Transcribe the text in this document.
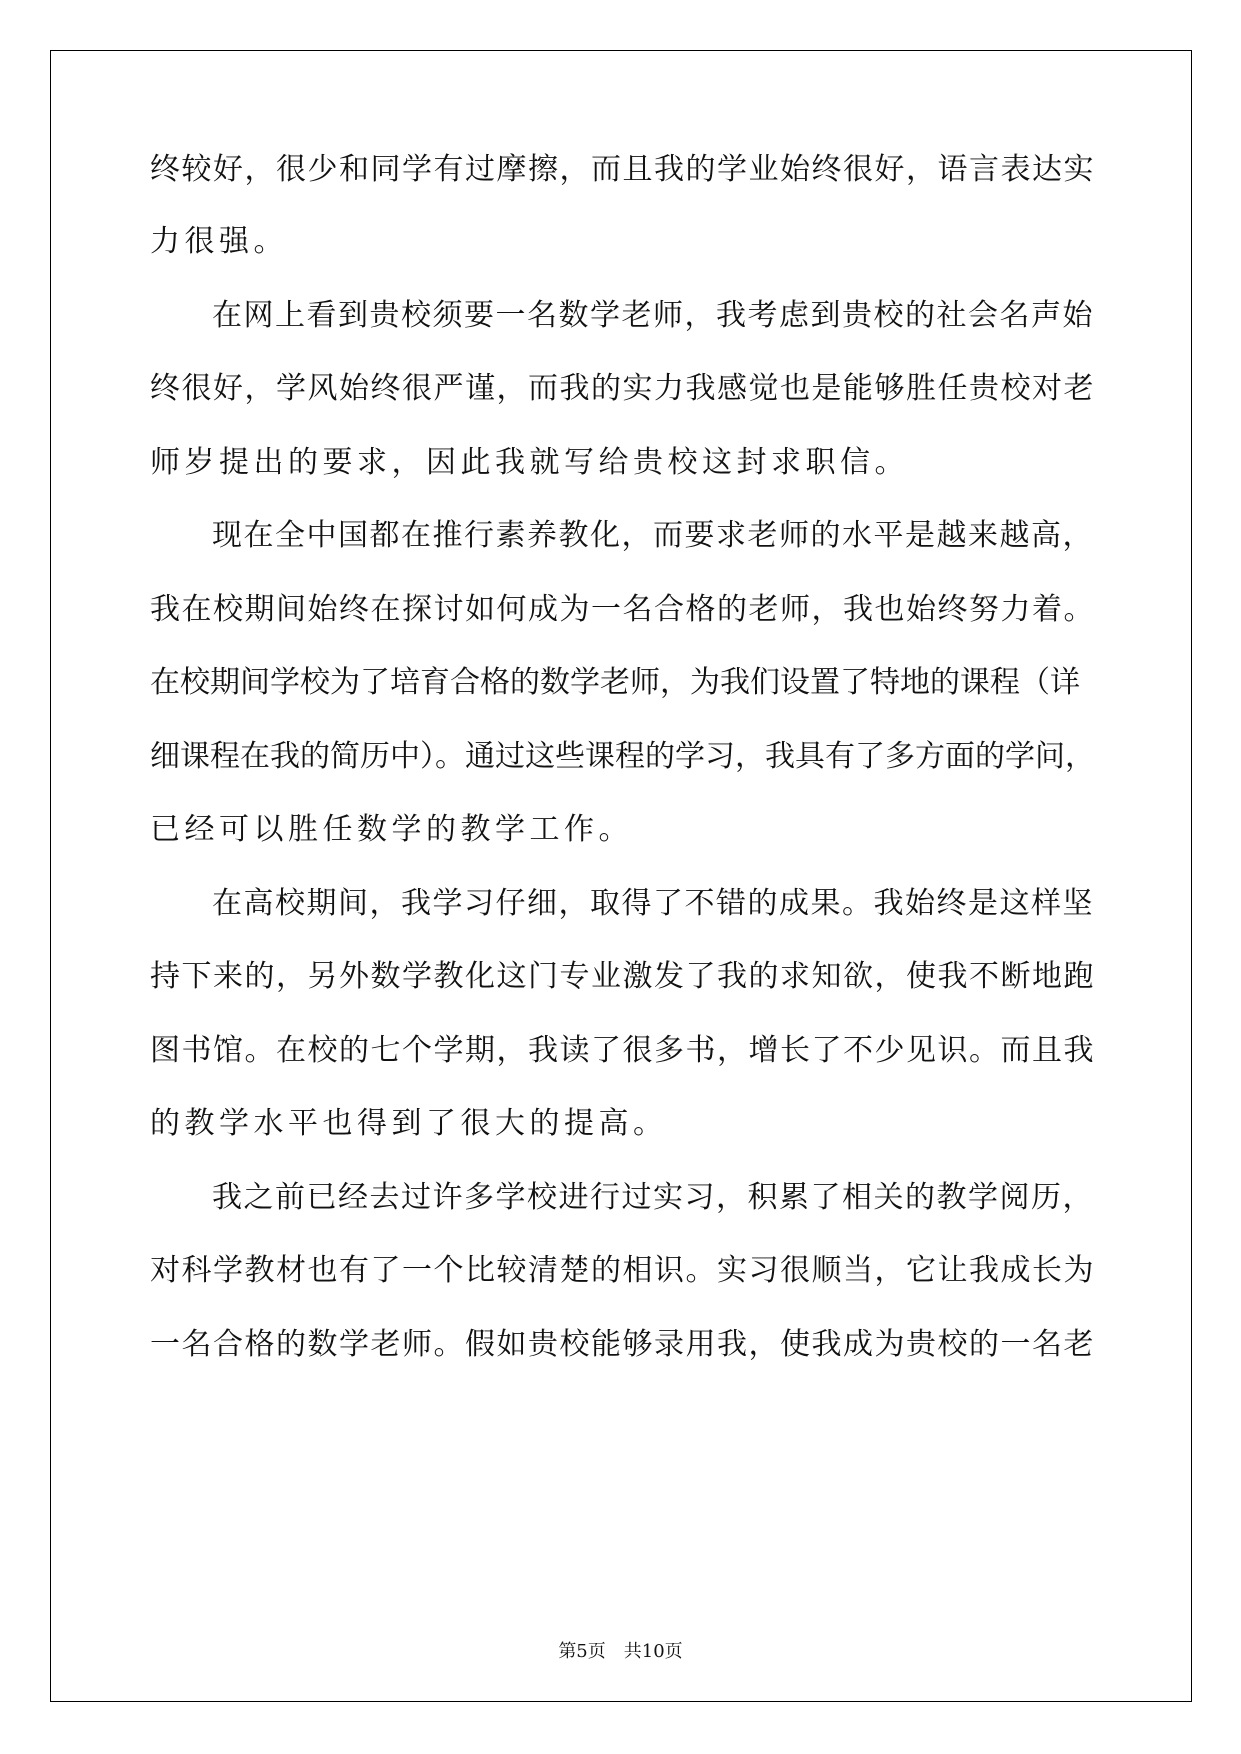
终较好，很少和同学有过摩擦，而且我的学业始终很好，语言表达实
力很强。
在网上看到贵校须要一名数学老师，我考虑到贵校的社会名声始
终很好，学风始终很严谨，而我的实力我感觉也是能够胜任贵校对老
师岁提出的要求，因此我就写给贵校这封求职信。
现在全中国都在推行素养教化，而要求老师的水平是越来越高，
我在校期间始终在探讨如何成为一名合格的老师，我也始终努力着。
在校期间学校为了培育合格的数学老师，为我们设置了特地的课程（详
细课程在我的简历中）。通过这些课程的学习，我具有了多方面的学问，
已经可以胜任数学的教学工作。
在高校期间，我学习仔细，取得了不错的成果。我始终是这样坚
持下来的，另外数学教化这门专业激发了我的求知欲，使我不断地跑
图书馆。在校的七个学期，我读了很多书，增长了不少见识。而且我
的教学水平也得到了很大的提高。
我之前已经去过许多学校进行过实习，积累了相关的教学阅历，
对科学教材也有了一个比较清楚的相识。实习很顺当，它让我成长为
一名合格的数学老师。假如贵校能够录用我，使我成为贵校的一名老
第5页　共10页
